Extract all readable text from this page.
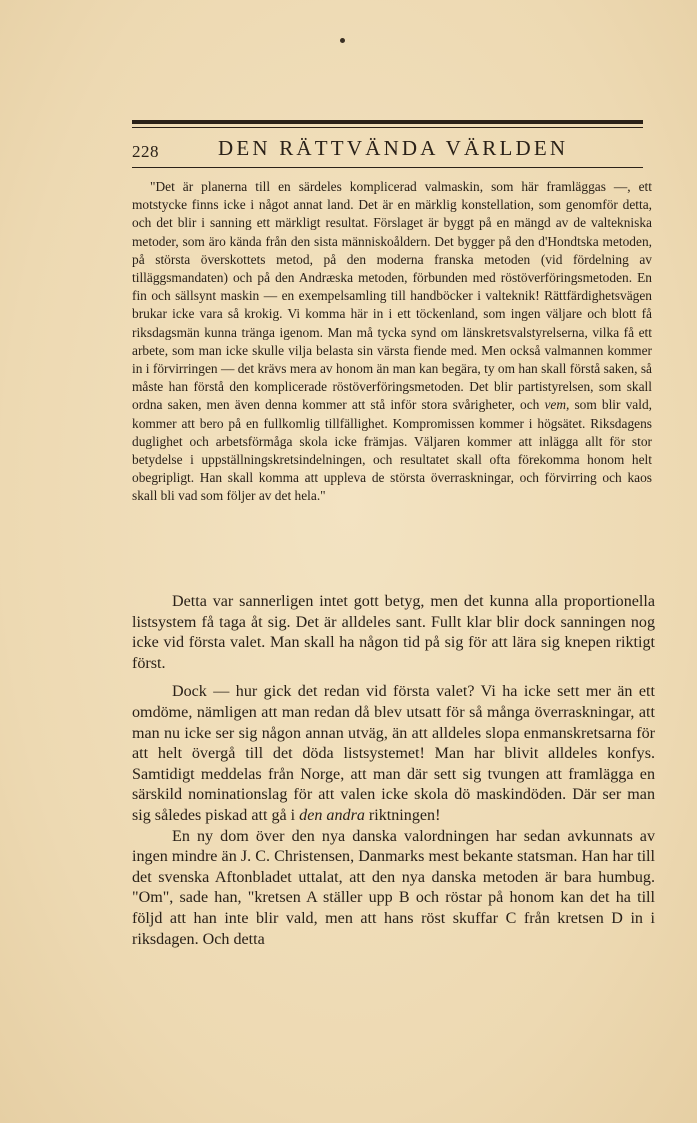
228	DEN RÄTTVÄNDA VÄRLDEN

"Det är planerna till en särdeles komplicerad valmaskin, som här framläggas —, ett motstycke finns icke i något annat land. Det är en märklig konstellation, som genomför detta, och det blir i sanning ett märkligt resultat. Förslaget är byggt på en mängd av de valtekniska metoder, som äro kända från den sista människoåldern. Det bygger på den d'Hondtska metoden, på största överskottets metod, på den moderna franska metoden (vid fördelning av tilläggsmandaten) och på den Andræska metoden, förbunden med röstöverföringsmetoden. En fin och sällsynt maskin — en exempelsamling till handböcker i valteknik! Rättfärdighetsvägen brukar icke vara så krokig. Vi komma här in i ett töckenland, som ingen väljare och blott få riksdagsmän kunna tränga igenom. Man må tycka synd om länskretsvalstyrelserna, vilka få ett arbete, som man icke skulle vilja belasta sin värsta fiende med. Men också valmannen kommer in i förvirringen — det krävs mera av honom än man kan begära, ty om han skall förstå saken, så måste han förstå den komplicerade röstöverföringsmetoden. Det blir partistyrelsen, som skall ordna saken, men även denna kommer att stå inför stora svårigheter, och vem, som blir vald, kommer att bero på en fullkomlig tillfällighet. Kompromissen kommer i högsätet. Riksdagens duglighet och arbetsförmåga skola icke främjas. Väljaren kommer att inlägga allt för stor betydelse i uppställningskretsindelningen, och resultatet skall ofta förekomma honom helt obegripligt. Han skall komma att uppleva de största överraskningar, och förvirring och kaos skall bli vad som följer av det hela."

Detta var sannerligen intet gott betyg, men det kunna alla proportionella listsystem få taga åt sig. Det är alldeles sant. Fullt klar blir dock sanningen nog icke vid första valet. Man skall ha någon tid på sig för att lära sig knepen riktigt först.

Dock — hur gick det redan vid första valet? Vi ha icke sett mer än ett omdöme, nämligen att man redan då blev utsatt för så många överraskningar, att man nu icke ser sig någon annan utväg, än att alldeles slopa enmanskretsarna för att helt övergå till det döda listsystemet! Man har blivit alldeles konfys. Samtidigt meddelas från Norge, att man där sett sig tvungen att framlägga en särskild nominationslag för att valen icke skola dö maskindöden. Där ser man sig således piskad att gå i den andra riktningen!

En ny dom över den nya danska valordningen har sedan avkunnats av ingen mindre än J. C. Christensen, Danmarks mest bekante statsman. Han har till det svenska Aftonbladet uttalat, att den nya danska metoden är bara humbug. "Om", sade han, "kretsen A ställer upp B och röstar på honom kan det ha till följd att han inte blir vald, men att hans röst skuffar C från kretsen D in i riksdagen. Och detta
